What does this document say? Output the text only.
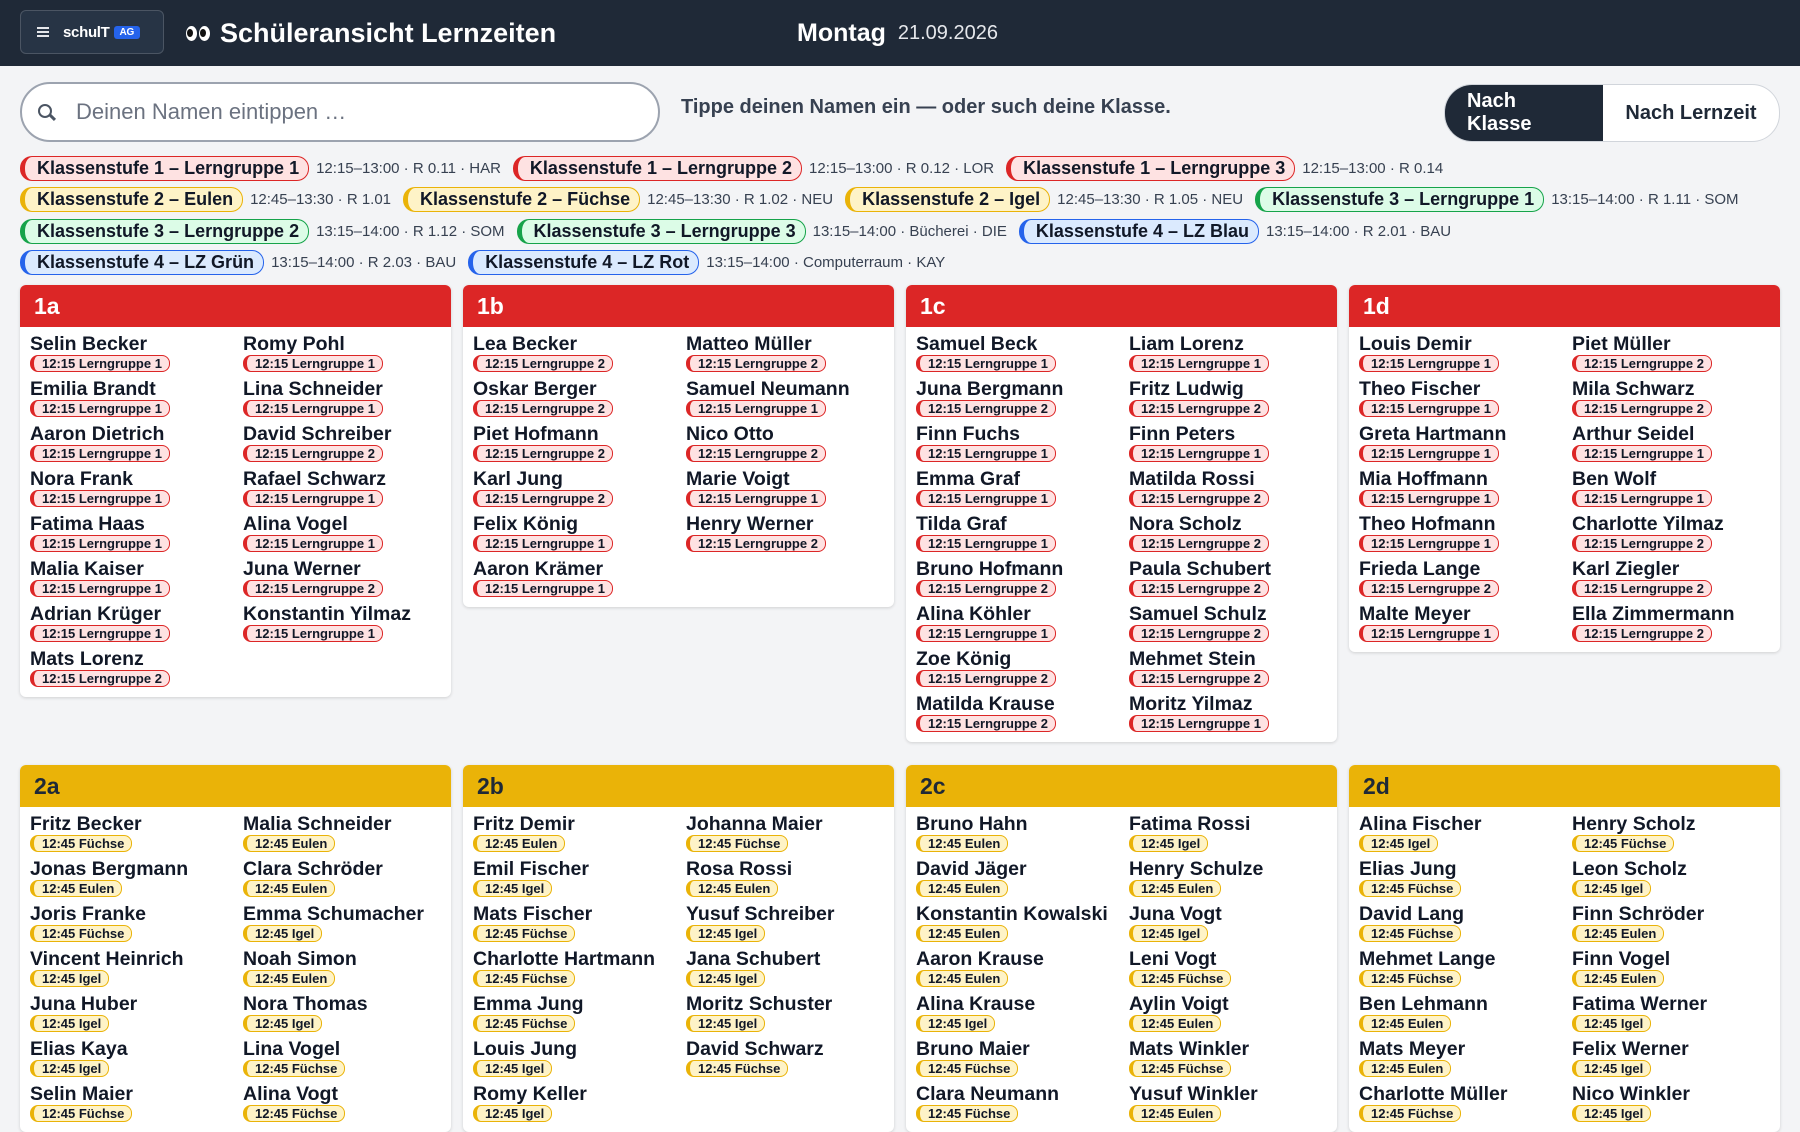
schulT	AG	Schüleransicht Lernzeiten	Montag 21.09.2026
Deinen Namen eintippen …
Tippe deinen Namen ein — oder such deine Klasse.	Nach Klasse
Nach Lernzeit
Klassenstufe 1 – Lerngruppe 1	12:15–13:00 · R 0.11 · HAR	Klassenstufe 1 – Lerngruppe 2	12:15–13:00 · R 0.12 · LOR	Klassenstufe 1 – Lerngruppe 3	12:15–13:00 · R 0.14
Klassenstufe 2 – Eulen	12:45–13:30 · R 1.01	Klassenstufe 2 – Füchse	12:45–13:30 · R 1.02 · NEU	Klassenstufe 2 – Igel	12:45–13:30 · R 1.05 · NEU	Klassenstufe 3 – Lerngruppe 1	13:15–14:00 · R 1.11 · SOM
Klassenstufe 3 – Lerngruppe 2	13:15–14:00 · R 1.12 · SOM	Klassenstufe 3 – Lerngruppe 3	13:15–14:00 · Bücherei · DIE	Klassenstufe 4 – LZ Blau	13:15–14:00 · R 2.01 · BAU
Klassenstufe 4 – LZ Grün	13:15–14:00 · R 2.03 · BAU	Klassenstufe 4 – LZ Rot	13:15–14:00 · Computerraum · KAY
1a
Selin Becker
12:15 Lerngruppe 1
Romy Pohl
12:15 Lerngruppe 1
Emilia Brandt
12:15 Lerngruppe 1
Lina Schneider
12:15 Lerngruppe 1
Aaron Dietrich
12:15 Lerngruppe 1
David Schreiber
12:15 Lerngruppe 2
Nora Frank
12:15 Lerngruppe 1
Rafael Schwarz
12:15 Lerngruppe 1
Fatima Haas
12:15 Lerngruppe 1
Alina Vogel
12:15 Lerngruppe 1
Malia Kaiser
12:15 Lerngruppe 1
Juna Werner
12:15 Lerngruppe 2
Adrian Krüger
12:15 Lerngruppe 1
Konstantin Yilmaz
12:15 Lerngruppe 1
Mats Lorenz
12:15 Lerngruppe 2
1b
Lea Becker
12:15 Lerngruppe 2
Matteo Müller
12:15 Lerngruppe 2
Oskar Berger
12:15 Lerngruppe 2
Samuel Neumann
12:15 Lerngruppe 1
Piet Hofmann
12:15 Lerngruppe 2
Nico Otto
12:15 Lerngruppe 2
Karl Jung
12:15 Lerngruppe 2
Marie Voigt
12:15 Lerngruppe 1
Felix König
12:15 Lerngruppe 1
Henry Werner
12:15 Lerngruppe 2
Aaron Krämer
12:15 Lerngruppe 1
1c
Samuel Beck
12:15 Lerngruppe 1
Liam Lorenz
12:15 Lerngruppe 1
Juna Bergmann
12:15 Lerngruppe 2
Fritz Ludwig
12:15 Lerngruppe 2
Finn Fuchs
12:15 Lerngruppe 1
Finn Peters
12:15 Lerngruppe 1
Emma Graf
12:15 Lerngruppe 1
Matilda Rossi
12:15 Lerngruppe 2
Tilda Graf
12:15 Lerngruppe 1
Nora Scholz
12:15 Lerngruppe 2
Bruno Hofmann
12:15 Lerngruppe 2
Paula Schubert
12:15 Lerngruppe 2
Alina Köhler
12:15 Lerngruppe 1
Samuel Schulz
12:15 Lerngruppe 2
Zoe König
12:15 Lerngruppe 2
Mehmet Stein
12:15 Lerngruppe 2
Matilda Krause
12:15 Lerngruppe 2
Moritz Yilmaz
12:15 Lerngruppe 1
1d
Louis Demir
12:15 Lerngruppe 1
Piet Müller
12:15 Lerngruppe 2
Theo Fischer
12:15 Lerngruppe 1
Mila Schwarz
12:15 Lerngruppe 2
Greta Hartmann
12:15 Lerngruppe 1
Arthur Seidel
12:15 Lerngruppe 1
Mia Hoffmann
12:15 Lerngruppe 1
Ben Wolf
12:15 Lerngruppe 1
Theo Hofmann
12:15 Lerngruppe 1
Charlotte Yilmaz
12:15 Lerngruppe 2
Frieda Lange
12:15 Lerngruppe 2
Karl Ziegler
12:15 Lerngruppe 2
Malte Meyer
12:15 Lerngruppe 1
Ella Zimmermann
12:15 Lerngruppe 2
2a
Fritz Becker
12:45 Füchse
Malia Schneider
12:45 Eulen
Jonas Bergmann
12:45 Eulen
Clara Schröder
12:45 Eulen
Joris Franke
12:45 Füchse
Emma Schumacher
12:45 Igel
Vincent Heinrich
12:45 Igel
Noah Simon
12:45 Eulen
Juna Huber
12:45 Igel
Nora Thomas
12:45 Igel
Elias Kaya
12:45 Igel
Lina Vogel
12:45 Füchse
Selin Maier
12:45 Füchse
Alina Vogt
12:45 Füchse
2b
Fritz Demir
12:45 Eulen
Johanna Maier
12:45 Füchse
Emil Fischer
12:45 Igel
Rosa Rossi
12:45 Eulen
Mats Fischer
12:45 Füchse
Yusuf Schreiber
12:45 Igel
Charlotte Hartmann
12:45 Füchse
Jana Schubert
12:45 Igel
Emma Jung
12:45 Füchse
Moritz Schuster
12:45 Igel
Louis Jung
12:45 Igel
David Schwarz
12:45 Füchse
Romy Keller
12:45 Igel
2c
Bruno Hahn
12:45 Eulen
Fatima Rossi
12:45 Igel
David Jäger
12:45 Eulen
Henry Schulze
12:45 Eulen
Konstantin Kowalski
12:45 Eulen
Juna Vogt
12:45 Igel
Aaron Krause
12:45 Eulen
Leni Vogt
12:45 Füchse
Alina Krause
12:45 Igel
Aylin Voigt
12:45 Eulen
Bruno Maier
12:45 Füchse
Mats Winkler
12:45 Füchse
Clara Neumann
12:45 Füchse
Yusuf Winkler
12:45 Eulen
2d
Alina Fischer
12:45 Igel
Henry Scholz
12:45 Füchse
Elias Jung
12:45 Füchse
Leon Scholz
12:45 Igel
David Lang
12:45 Füchse
Finn Schröder
12:45 Eulen
Mehmet Lange
12:45 Füchse
Finn Vogel
12:45 Eulen
Ben Lehmann
12:45 Eulen
Fatima Werner
12:45 Igel
Mats Meyer
12:45 Eulen
Felix Werner
12:45 Igel
Charlotte Müller
12:45 Füchse
Nico Winkler
12:45 Igel
